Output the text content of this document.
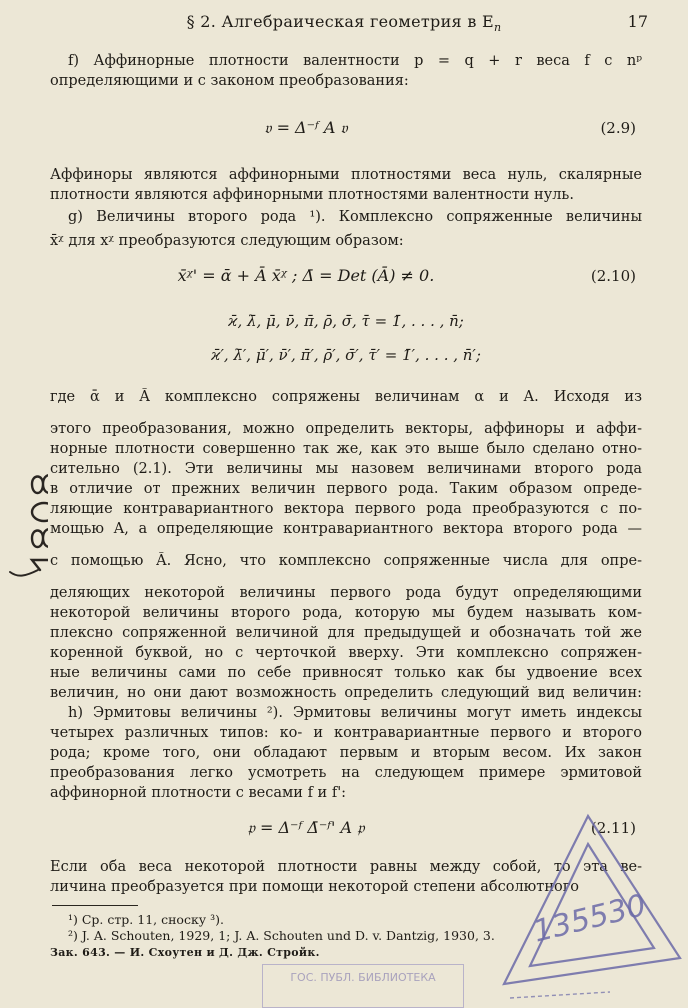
§ 2. Алгебраическая геометрия в $E_n$	17
f) Аффинорные плотности валентности p = q + r веса f с nᵖ
определяющими и с законом преобразования:
𝔳 = Δ⁻ᶠ A 𝔳	(2.9)
Аффиноры являются аффинорными плотностями веса нуль, скалярные
плотности являются аффинорными плотностями валентности нуль.
g) Величины второго рода ¹). Комплексно сопряженные величины
x̄ᵡ для xᵡ преобразуются следующим образом:
x̄ᵡ' = ᾱ + Ā x̄ᵡ ; Δ̄ = Det (Ā) ≠ 0.	(2.10)
ϰ̄, λ̄, μ̄, ν̄, π̄, ρ̄, σ̄, τ̄ = 1̄, . . . , n̄;
ϰ̄′, λ̄′, μ̄′, ν̄′, π̄′, ρ̄′, σ̄′, τ̄′ = 1̄′, . . . , n̄′;
где ᾱ и Ā комплексно сопряжены величинам α и A. Исходя из
этого преобразования, можно определить векторы, аффиноры и аффи-
норные плотности совершенно так же, как это выше было сделано отно-
сительно (2.1). Эти величины мы назовем величинами второго рода
в отличие от прежних величин первого рода. Таким образом опреде-
ляющие контравариантного вектора первого рода преобразуются с по-
мощью A, а определяющие контравариантного вектора второго рода —
с помощью Ā. Ясно, что комплексно сопряженные числа для опре-
деляющих некоторой величины первого рода будут определяющими
некоторой величины второго рода, которую мы будем называть ком-
плексно сопряженной величиной для предыдущей и обозначать той же
коренной буквой, но с черточкой вверху. Эти комплексно сопряжен-
ные величины сами по себе привносят только как бы удвоение всех
величин, но они дают возможность определить следующий вид величин:
h) Эрмитовы величины ²). Эрмитовы величины могут иметь индексы
четырех различных типов: ко- и контравариантные первого и второго
рода; кроме того, они обладают первым и вторым весом. Их закон
преобразования легко усмотреть на следующем примере эрмитовой
аффинорной плотности с весами f и f':
𝔭 = Δ⁻ᶠ Δ̄⁻ᶠ' A 𝔭	(2.11)
Если оба веса некоторой плотности равны между собой, то эта ве-
личина преобразуется при помощи некоторой степени абсолютного
¹) Ср. стр. 11, сноску ³).
²) J. A. Schouten, 1929, 1; J. A. Schouten und D. v. Dantzig, 1930, 3.
Зак. 643. — И. Схоутен и Д. Дж. Стройк.
135530
ГОС. ПУБЛ. БИБЛИОТЕКА
